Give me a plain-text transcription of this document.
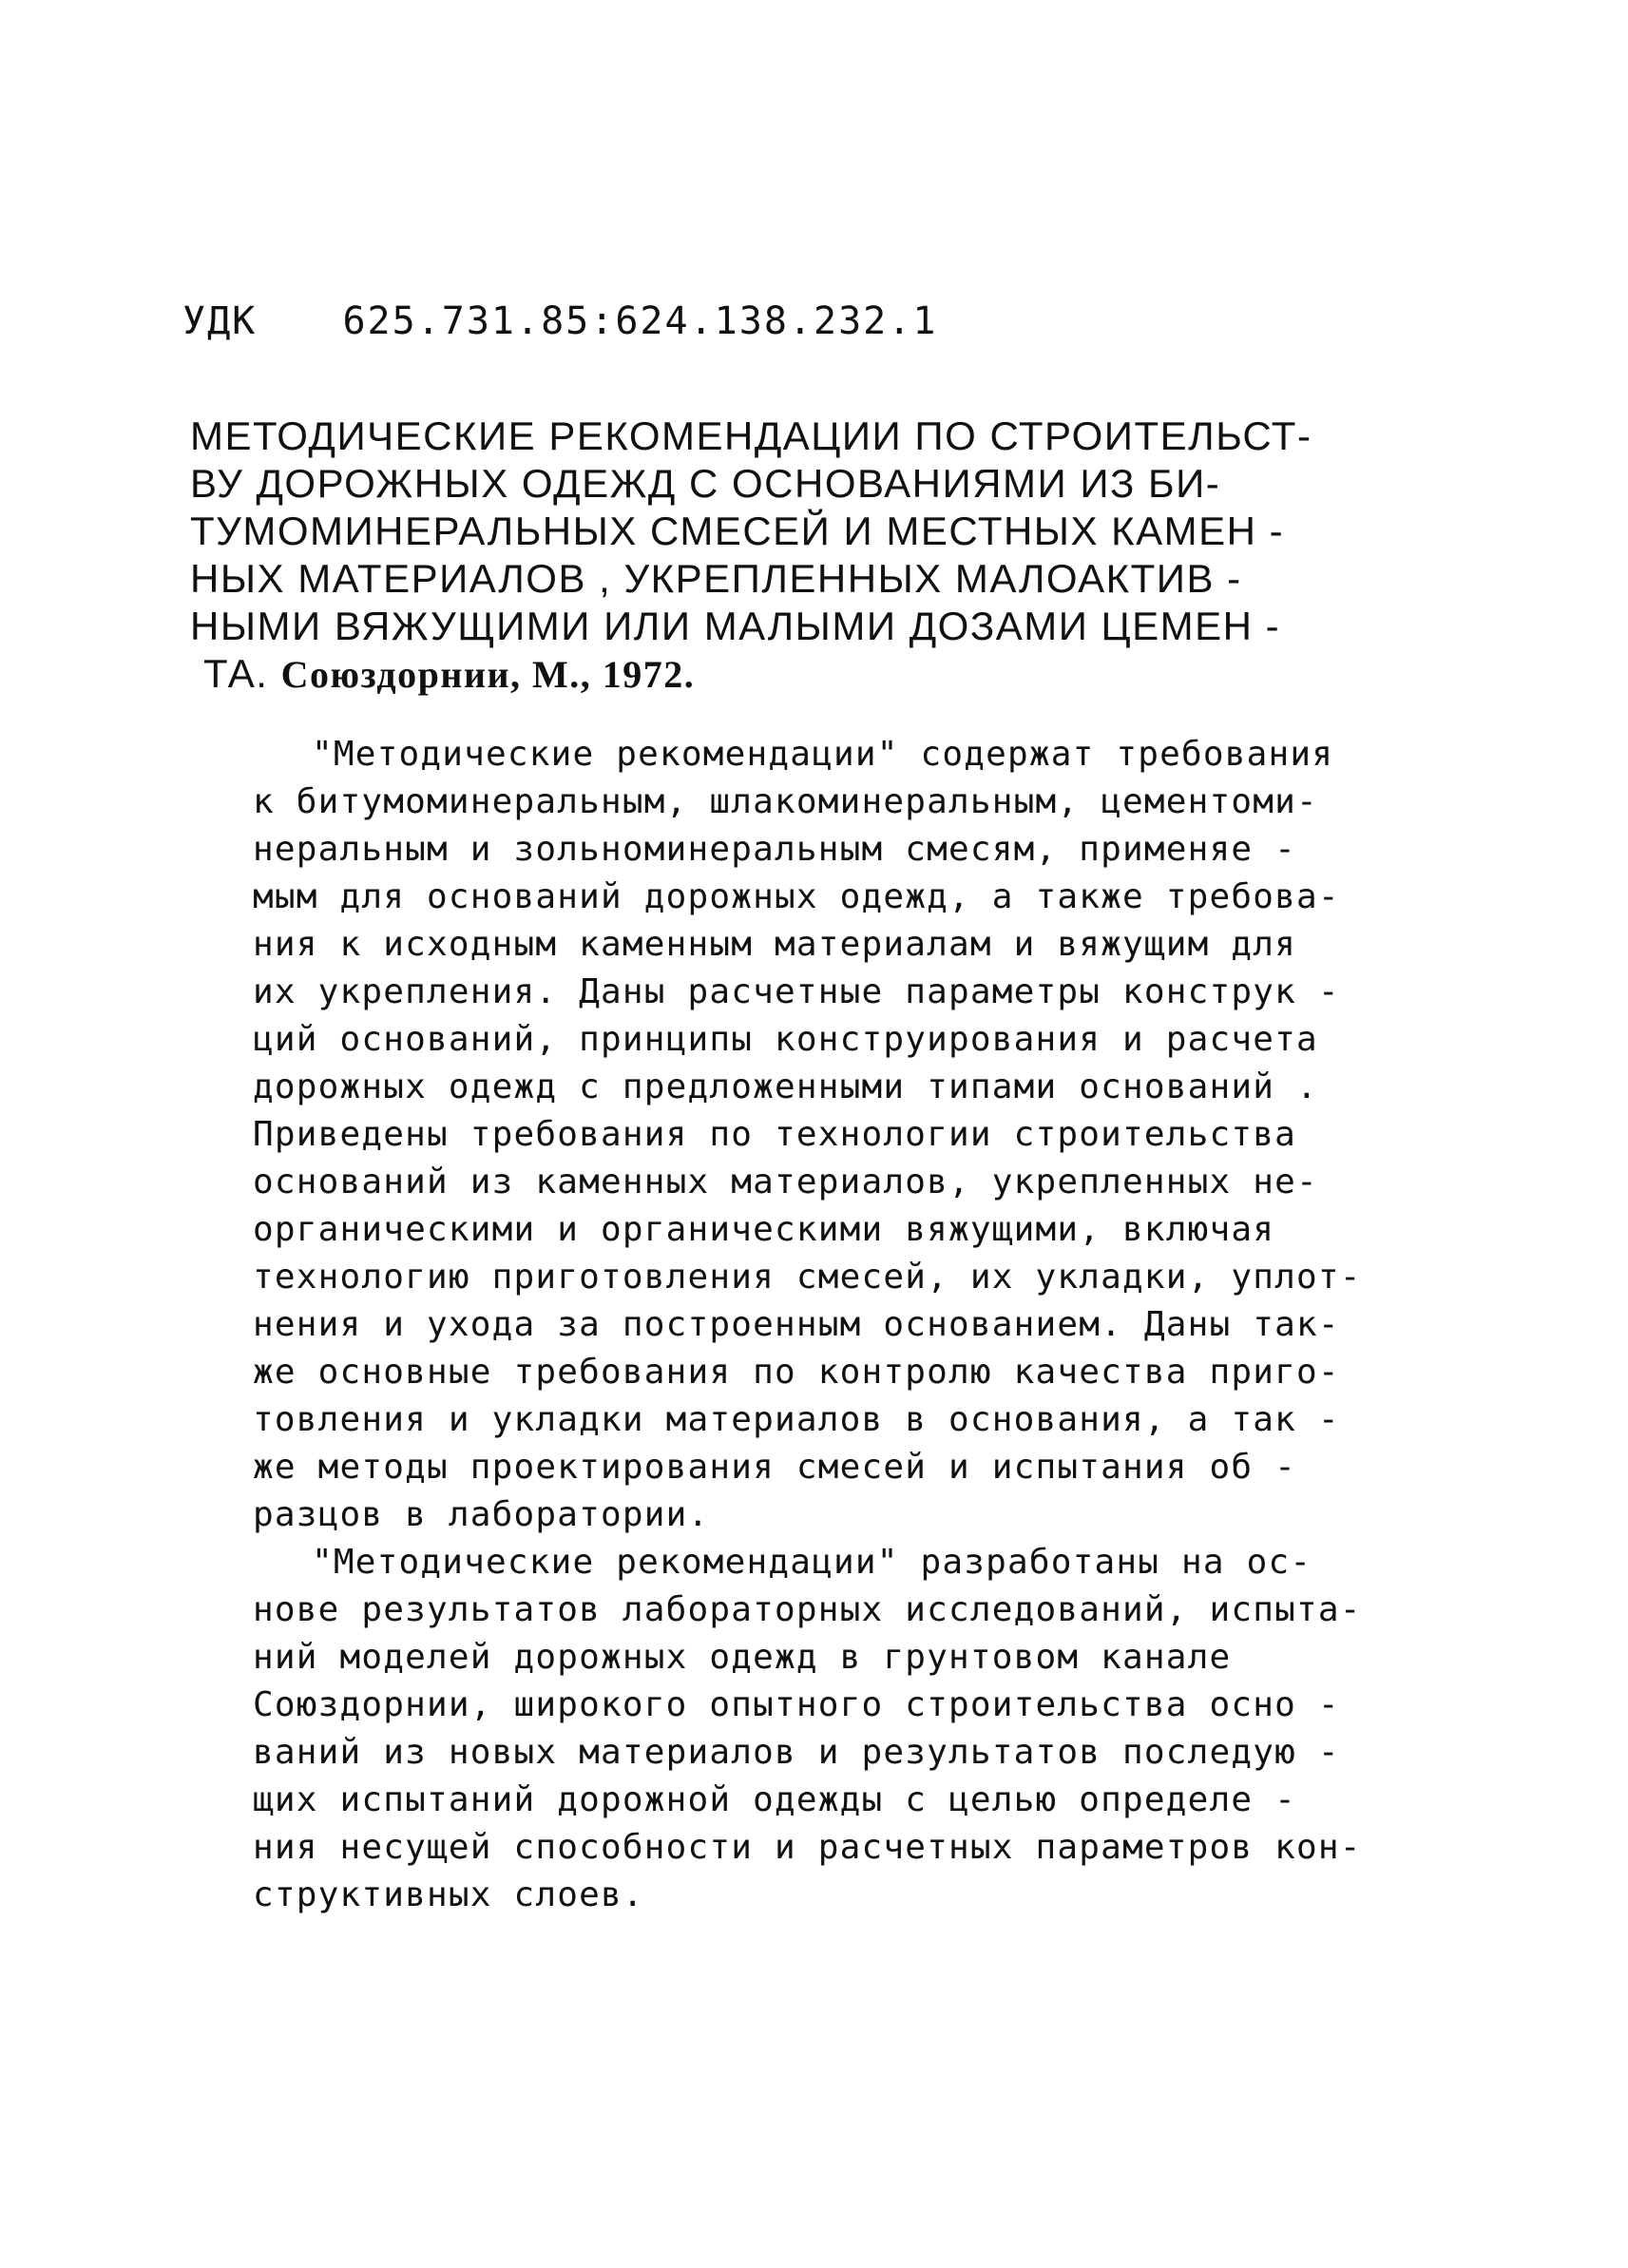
УДК 625.731.85:624.138.232.1
МЕТОДИЧЕСКИЕ РЕКОМЕНДАЦИИ ПО СТРОИТЕЛЬСТ-
ВУ ДОРОЖНЫХ ОДЕЖД С ОСНОВАНИЯМИ ИЗ БИ-
ТУМОМИНЕРАЛЬНЫХ СМЕСЕЙ И МЕСТНЫХ КАМЕН -
НЫХ МАТЕРИАЛОВ , УКРЕПЛЕННЫХ МАЛОАКТИВ -
НЫМИ ВЯЖУЩИМИ ИЛИ МАЛЫМИ ДОЗАМИ ЦЕМЕН -
ТА. Союздорнии, М., 1972.
"Методические рекомендации" содержат требования
к битумоминеральным, шлакоминеральным, цементоми-
неральным и зольноминеральным смесям, применяе -
мым для оснований дорожных одежд, а также требова-
ния к исходным каменным материалам и вяжущим для
их укрепления. Даны расчетные параметры конструк -
ций оснований, принципы конструирования и расчета
дорожных одежд с предложенными типами оснований .
Приведены требования по технологии строительства
оснований из каменных материалов, укрепленных не-
органическими и органическими вяжущими, включая
технологию приготовления смесей, их укладки, уплот-
нения и ухода за построенным основанием. Даны так-
же основные требования по контролю качества приго-
товления и укладки материалов в основания, а так -
же методы проектирования смесей и испытания об -
разцов в лаборатории.
"Методические рекомендации" разработаны на ос-
нове результатов лабораторных исследований, испыта-
ний моделей дорожных одежд в грунтовом канале
Союздорнии, широкого опытного строительства осно -
ваний из новых материалов и результатов последую -
щих испытаний дорожной одежды с целью определе -
ния несущей способности и расчетных параметров кон-
структивных слоев.
